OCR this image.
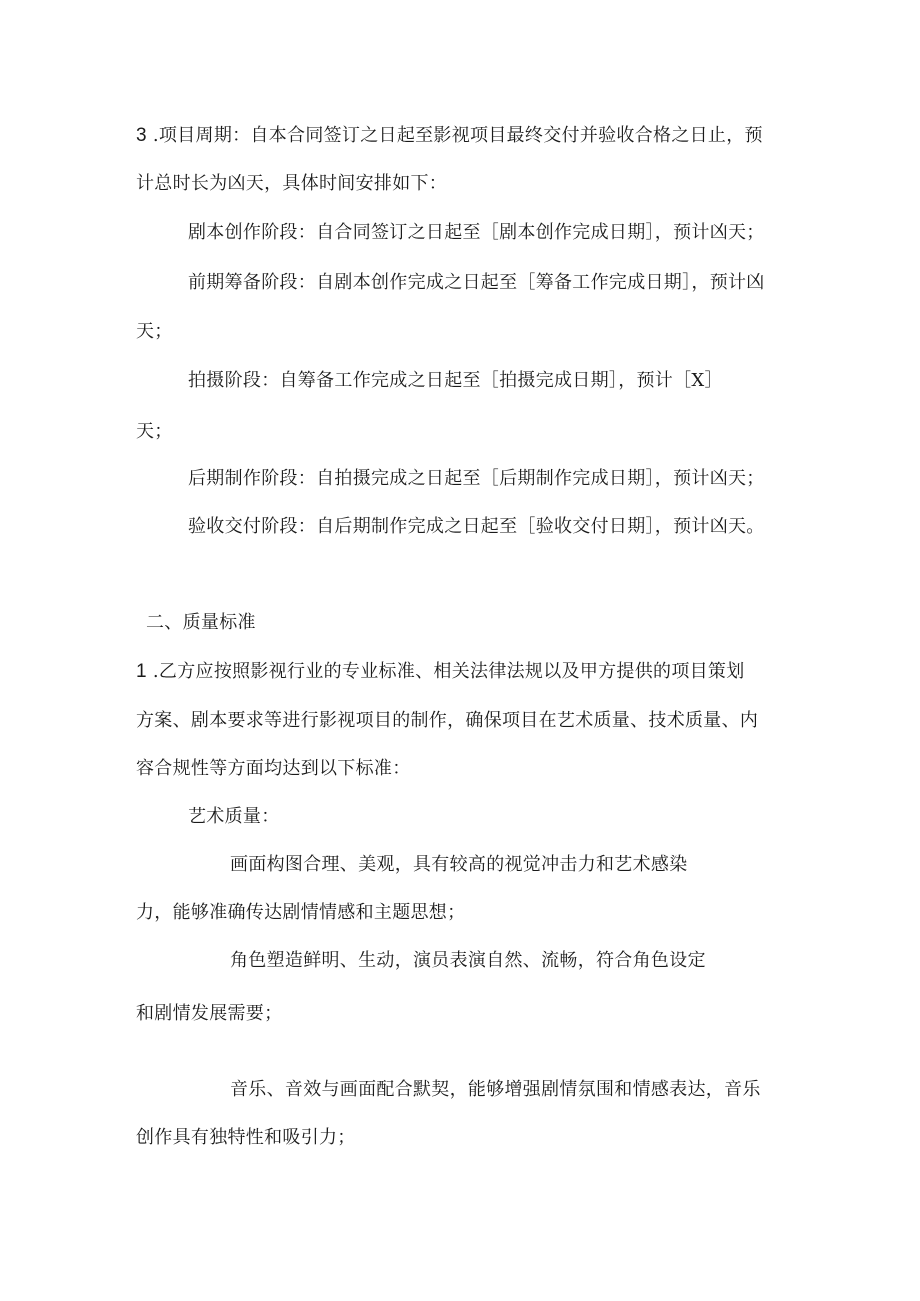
3 .项目周期：自本合同签订之日起至影视项目最终交付并验收合格之日止，预
计总时长为凶天，具体时间安排如下：
剧本创作阶段：自合同签订之日起至［剧本创作完成日期］，预计凶天；
前期筹备阶段：自剧本创作完成之日起至［筹备工作完成日期］，预计凶
天；
拍摄阶段：自筹备工作完成之日起至［拍摄完成日期］，预计［X］
天；
后期制作阶段：自拍摄完成之日起至［后期制作完成日期］，预计凶天；
验收交付阶段：自后期制作完成之日起至［验收交付日期］，预计凶天。
二、质量标准
1 .乙方应按照影视行业的专业标准、相关法律法规以及甲方提供的项目策划
方案、剧本要求等进行影视项目的制作，确保项目在艺术质量、技术质量、内
容合规性等方面均达到以下标准：
艺术质量：
画面构图合理、美观，具有较高的视觉冲击力和艺术感染
力，能够准确传达剧情情感和主题思想；
角色塑造鲜明、生动，演员表演自然、流畅，符合角色设定
和剧情发展需要；
音乐、音效与画面配合默契，能够增强剧情氛围和情感表达，音乐
创作具有独特性和吸引力；
